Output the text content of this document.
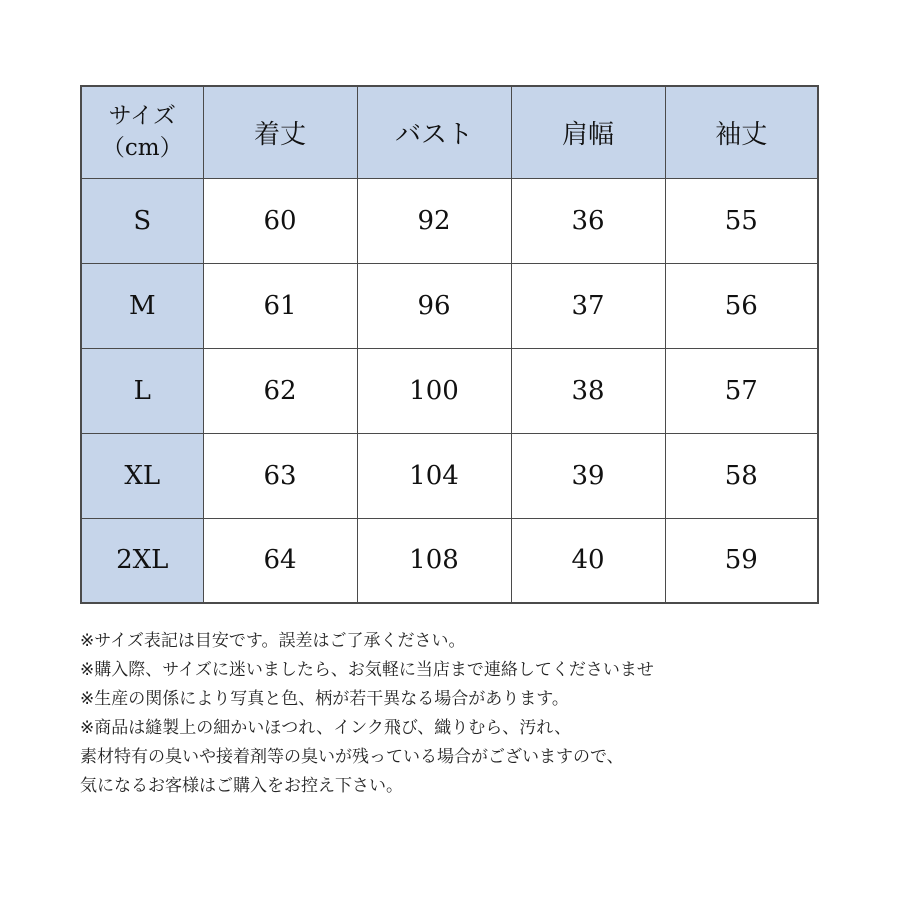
サイズ
（cm）	着丈	バスト	肩幅	袖丈
S	60	92	36	55
M	61	96	37	56
L	62	100	38	57
XL	63	104	39	58
2XL	64	108	40	59

※サイズ表記は目安です。誤差はご了承ください。

※購入際、サイズに迷いましたら、お気軽に当店まで連絡してくださいませ

※生産の関係により写真と色、柄が若干異なる場合があります。

※商品は縫製上の細かいほつれ、インク飛び、織りむら、汚れ、

素材特有の臭いや接着剤等の臭いが残っている場合がございますので、

気になるお客様はご購入をお控え下さい。
